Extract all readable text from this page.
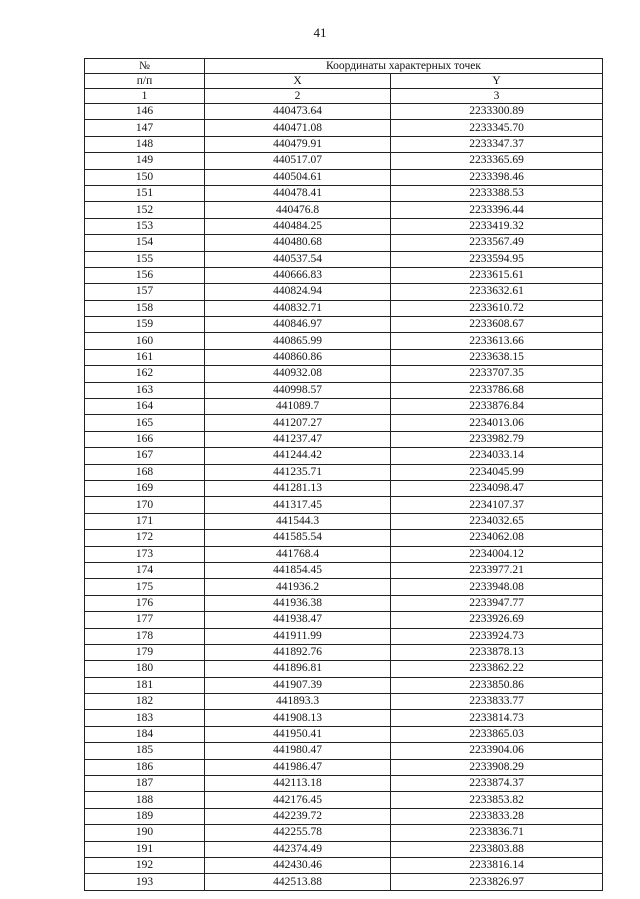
41
№	Координаты характерных точек	
п/п	X	Y
1	2	3
146	440473.64	2233300.89
147	440471.08	2233345.70
148	440479.91	2233347.37
149	440517.07	2233365.69
150	440504.61	2233398.46
151	440478.41	2233388.53
152	440476.8	2233396.44
153	440484.25	2233419.32
154	440480.68	2233567.49
155	440537.54	2233594.95
156	440666.83	2233615.61
157	440824.94	2233632.61
158	440832.71	2233610.72
159	440846.97	2233608.67
160	440865.99	2233613.66
161	440860.86	2233638.15
162	440932.08	2233707.35
163	440998.57	2233786.68
164	441089.7	2233876.84
165	441207.27	2234013.06
166	441237.47	2233982.79
167	441244.42	2234033.14
168	441235.71	2234045.99
169	441281.13	2234098.47
170	441317.45	2234107.37
171	441544.3	2234032.65
172	441585.54	2234062.08
173	441768.4	2234004.12
174	441854.45	2233977.21
175	441936.2	2233948.08
176	441936.38	2233947.77
177	441938.47	2233926.69
178	441911.99	2233924.73
179	441892.76	2233878.13
180	441896.81	2233862.22
181	441907.39	2233850.86
182	441893.3	2233833.77
183	441908.13	2233814.73
184	441950.41	2233865.03
185	441980.47	2233904.06
186	441986.47	2233908.29
187	442113.18	2233874.37
188	442176.45	2233853.82
189	442239.72	2233833.28
190	442255.78	2233836.71
191	442374.49	2233803.88
192	442430.46	2233816.14
193	442513.88	2233826.97
